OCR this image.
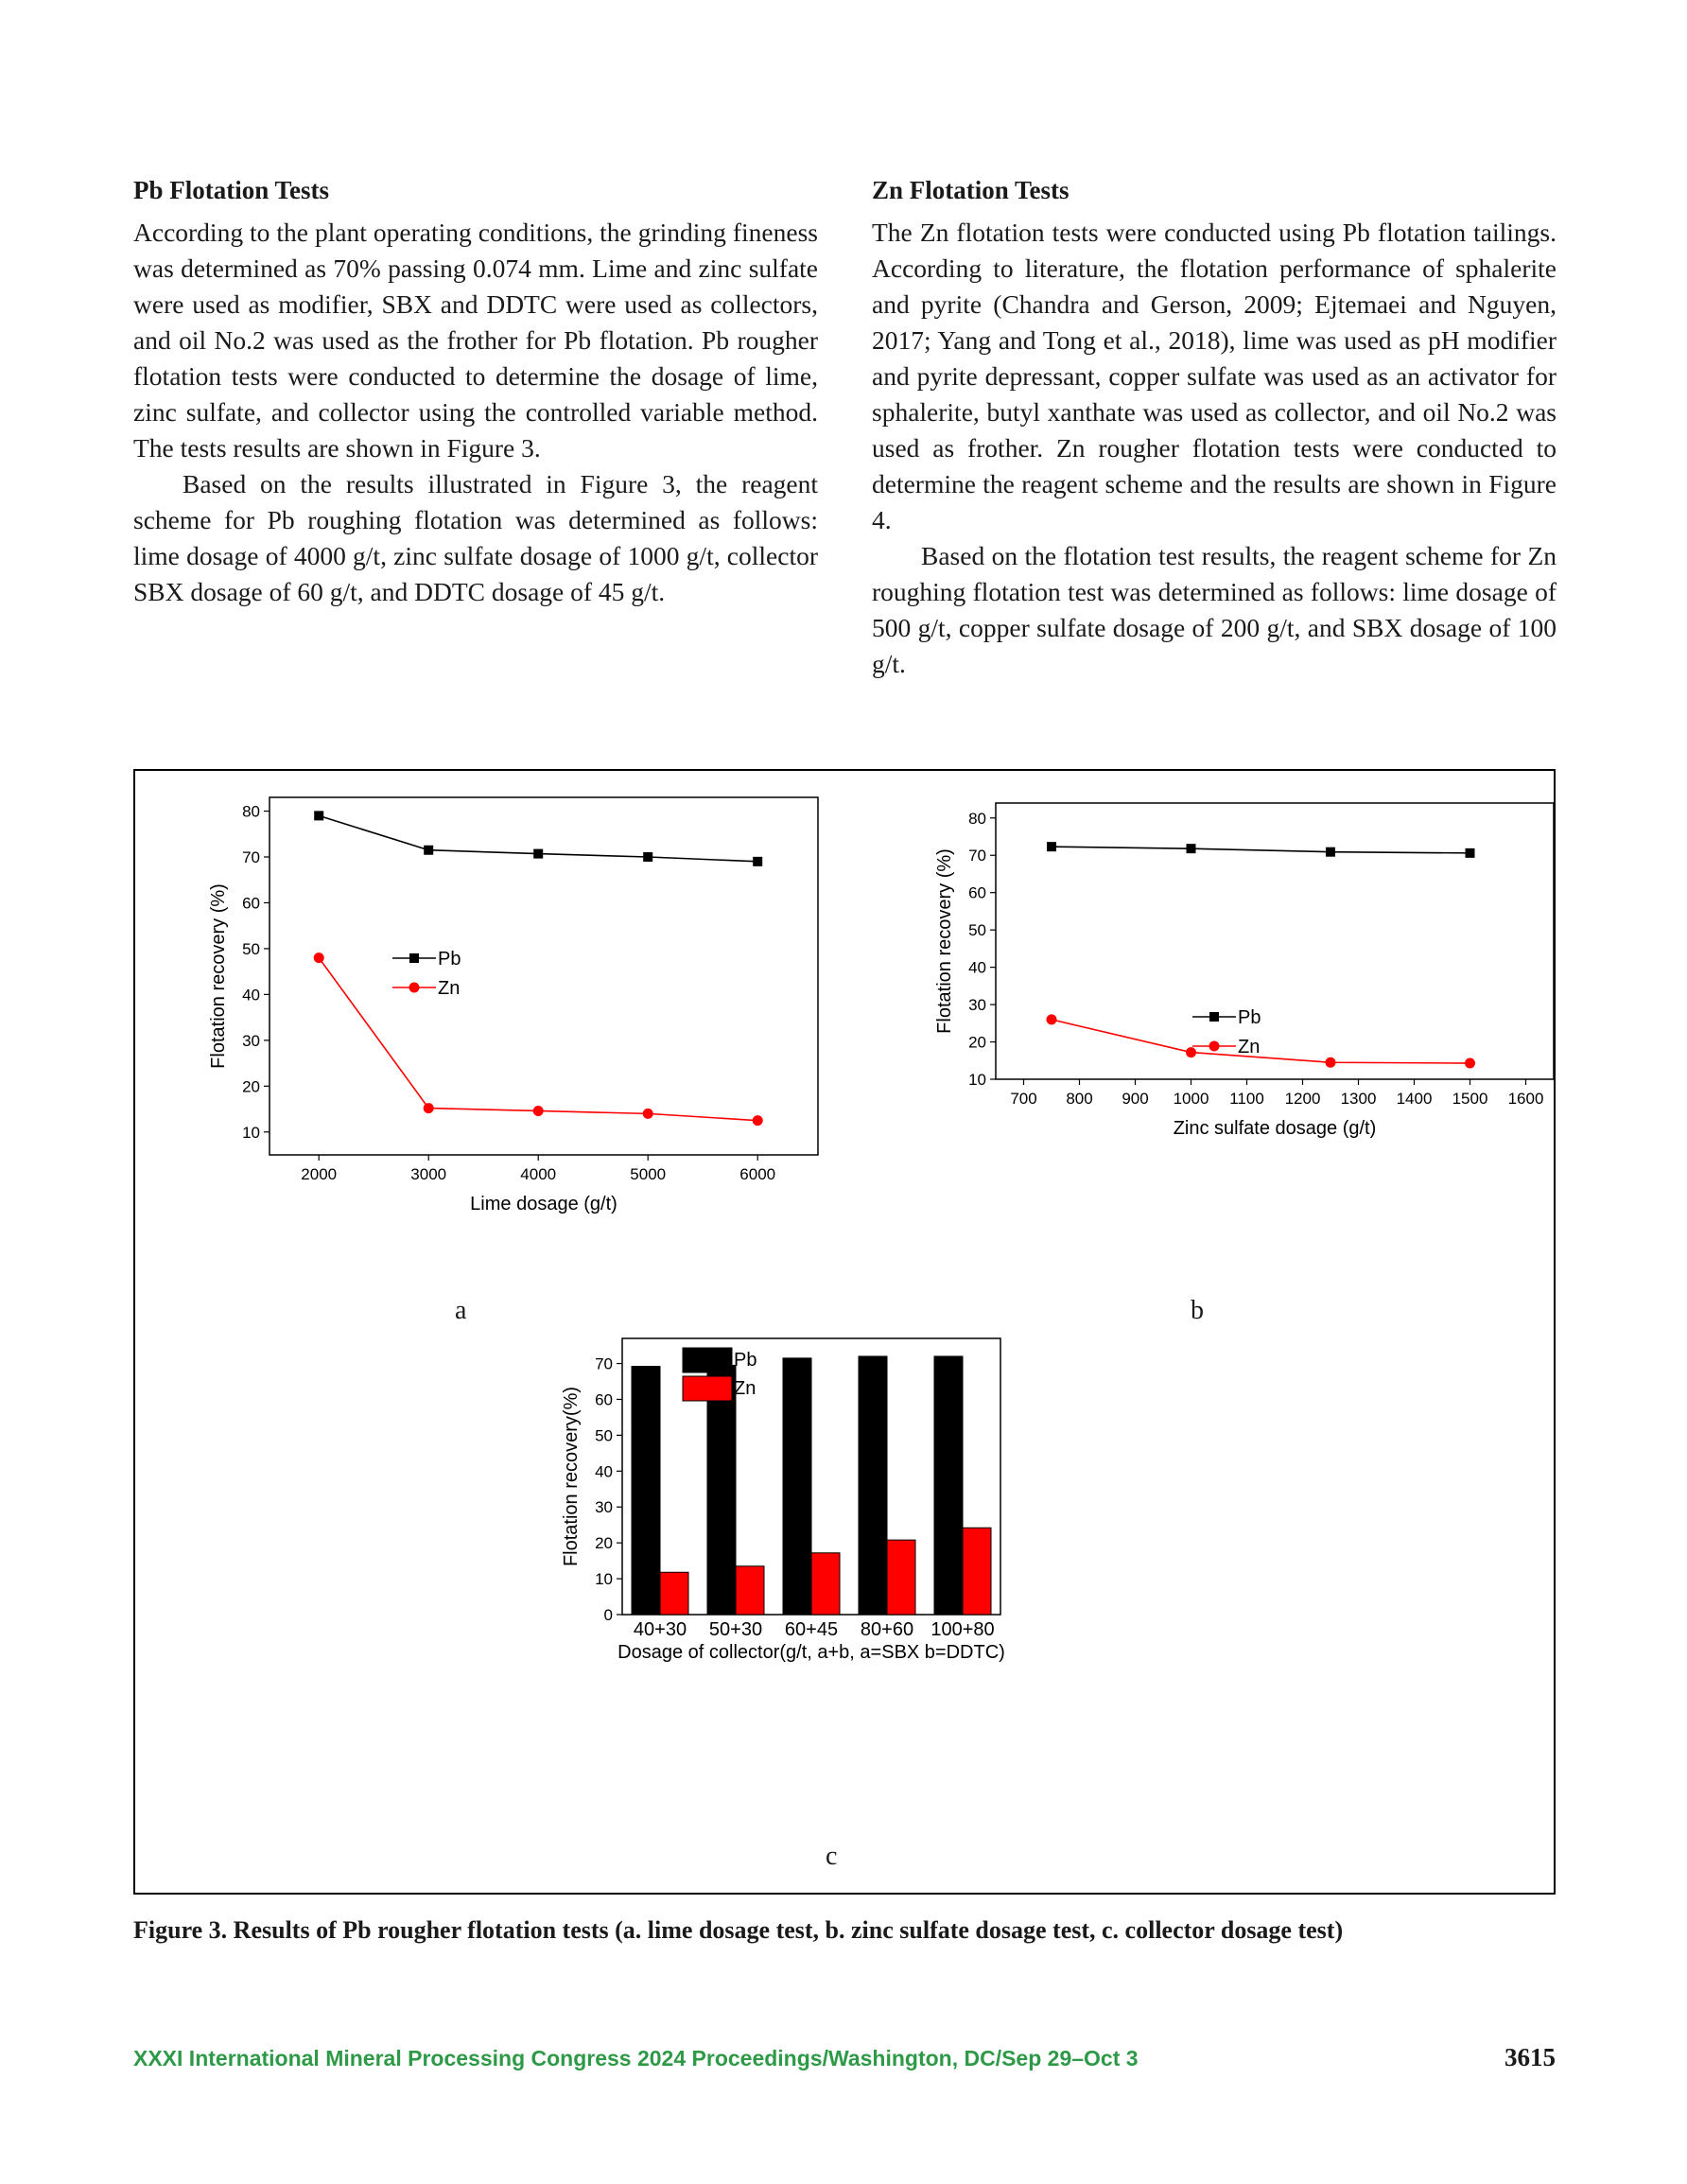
Pb Flotation Tests

According to the plant operating conditions, the grinding fineness was determined as 70% passing 0.074 mm. Lime and zinc sulfate were used as modifier, SBX and DDTC were used as collectors, and oil No.2 was used as the frother for Pb flotation. Pb rougher flotation tests were conducted to determine the dosage of lime, zinc sulfate, and collector using the controlled variable method. The tests results are shown in Figure 3.

Based on the results illustrated in Figure 3, the reagent scheme for Pb roughing flotation was determined as follows: lime dosage of 4000 g/t, zinc sulfate dosage of 1000 g/t, collector SBX dosage of 60 g/t, and DDTC dosage of 45 g/t.

Zn Flotation Tests

The Zn flotation tests were conducted using Pb flotation tailings. According to literature, the flotation performance of sphalerite and pyrite (Chandra and Gerson, 2009; Ejtemaei and Nguyen, 2017; Yang and Tong et al., 2018), lime was used as pH modifier and pyrite depressant, copper sulfate was used as an activator for sphalerite, butyl xanthate was used as collector, and oil No.2 was used as frother. Zn rougher flotation tests were conducted to determine the reagent scheme and the results are shown in Figure 4.

Based on the flotation test results, the reagent scheme for Zn roughing flotation test was determined as follows: lime dosage of 500 g/t, copper sulfate dosage of 200 g/t, and SBX dosage of 100 g/t.

10
20
30
40
50
60
70
80
2000	3000	4000	5000	6000
Lime dosage (g/t)
Flotation recovery (%)	Pb
Zn
a
10
20
30
40
50
60
70
80
700 800 900 1000 1100 1200 1300 1400 1500 1600
Zinc sulfate dosage (g/t)
Flotation recovery (%)	Pb
Zn
b
0
10
20
30
40
50
60
70
40+30 50+30 60+45 80+60 100+80
Dosage of collector(g/t, a+b, a=SBX b=DDTC)
Flotation recovery(%)
Pb
Zn
c
Figure 3. Results of Pb rougher flotation tests (a. lime dosage test, b. zinc sulfate dosage test, c. collector dosage test)
XXXI International Mineral Processing Congress 2024 Proceedings/Washington, DC/Sep 29–Oct 3	3615
